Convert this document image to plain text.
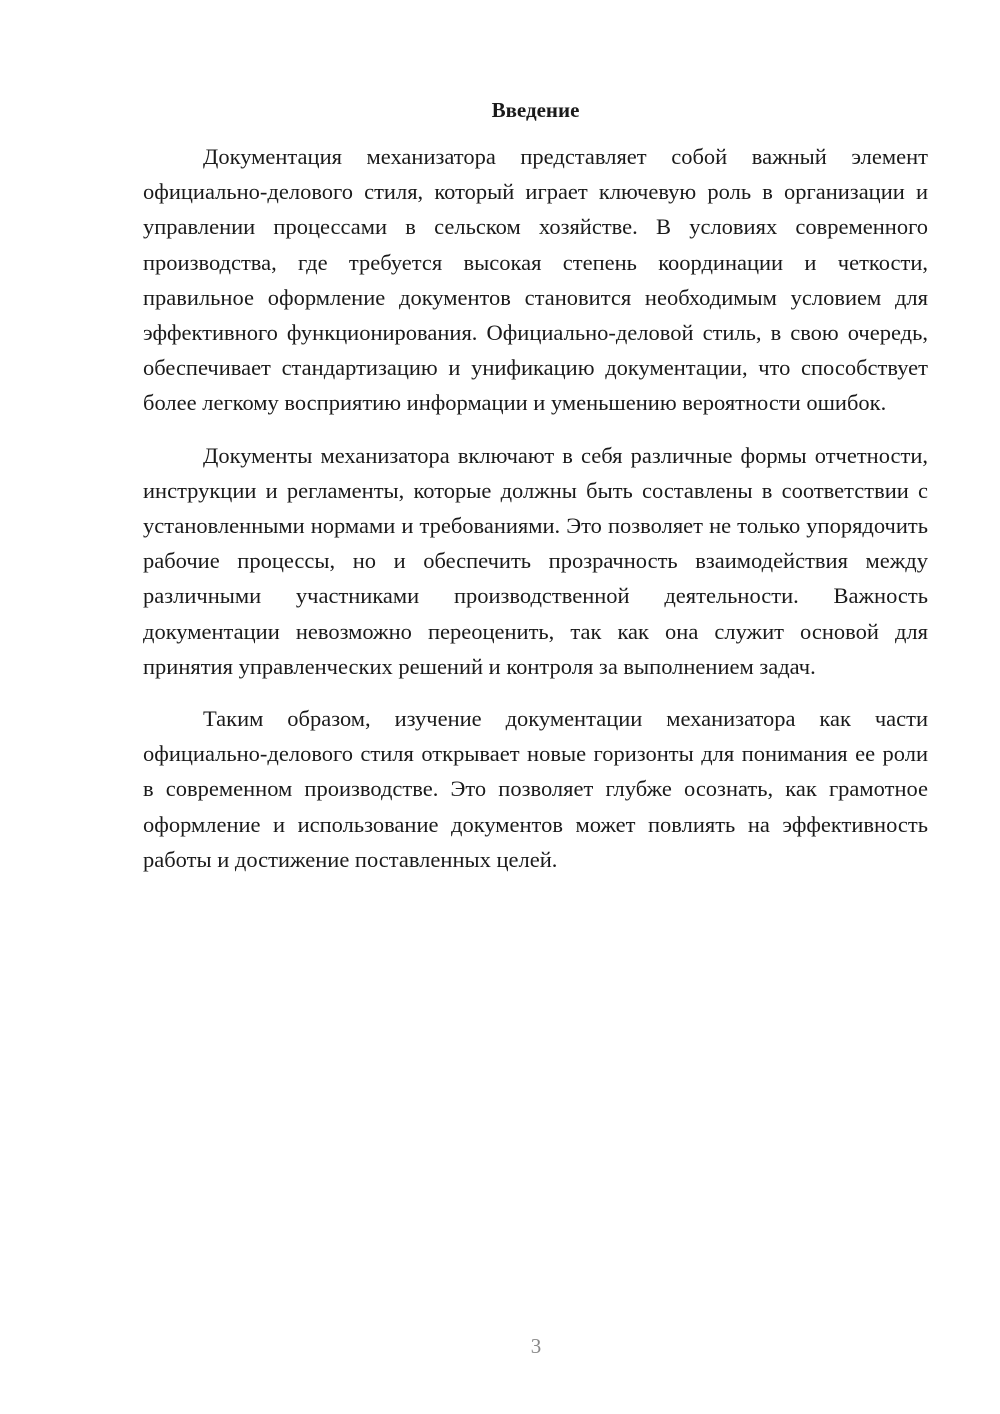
Введение

Документация механизатора представляет собой важный элемент официально-делового стиля, который играет ключевую роль в организации и управлении процессами в сельском хозяйстве. В условиях современного производства, где требуется высокая степень координации и четкости, правильное оформление документов становится необходимым условием для эффективного функционирования. Официально-деловой стиль, в свою очередь, обеспечивает стандартизацию и унификацию документации, что способствует более легкому восприятию информации и уменьшению вероятности ошибок.

Документы механизатора включают в себя различные формы отчетности, инструкции и регламенты, которые должны быть составлены в соответствии с установленными нормами и требованиями. Это позволяет не только упорядочить рабочие процессы, но и обеспечить прозрачность взаимодействия между различными участниками производственной деятельности. Важность документации невозможно переоценить, так как она служит основой для принятия управленческих решений и контроля за выполнением задач.

Таким образом, изучение документации механизатора как части официально-делового стиля открывает новые горизонты для понимания ее роли в современном производстве. Это позволяет глубже осознать, как грамотное оформление и использование документов может повлиять на эффективность работы и достижение поставленных целей.

3
